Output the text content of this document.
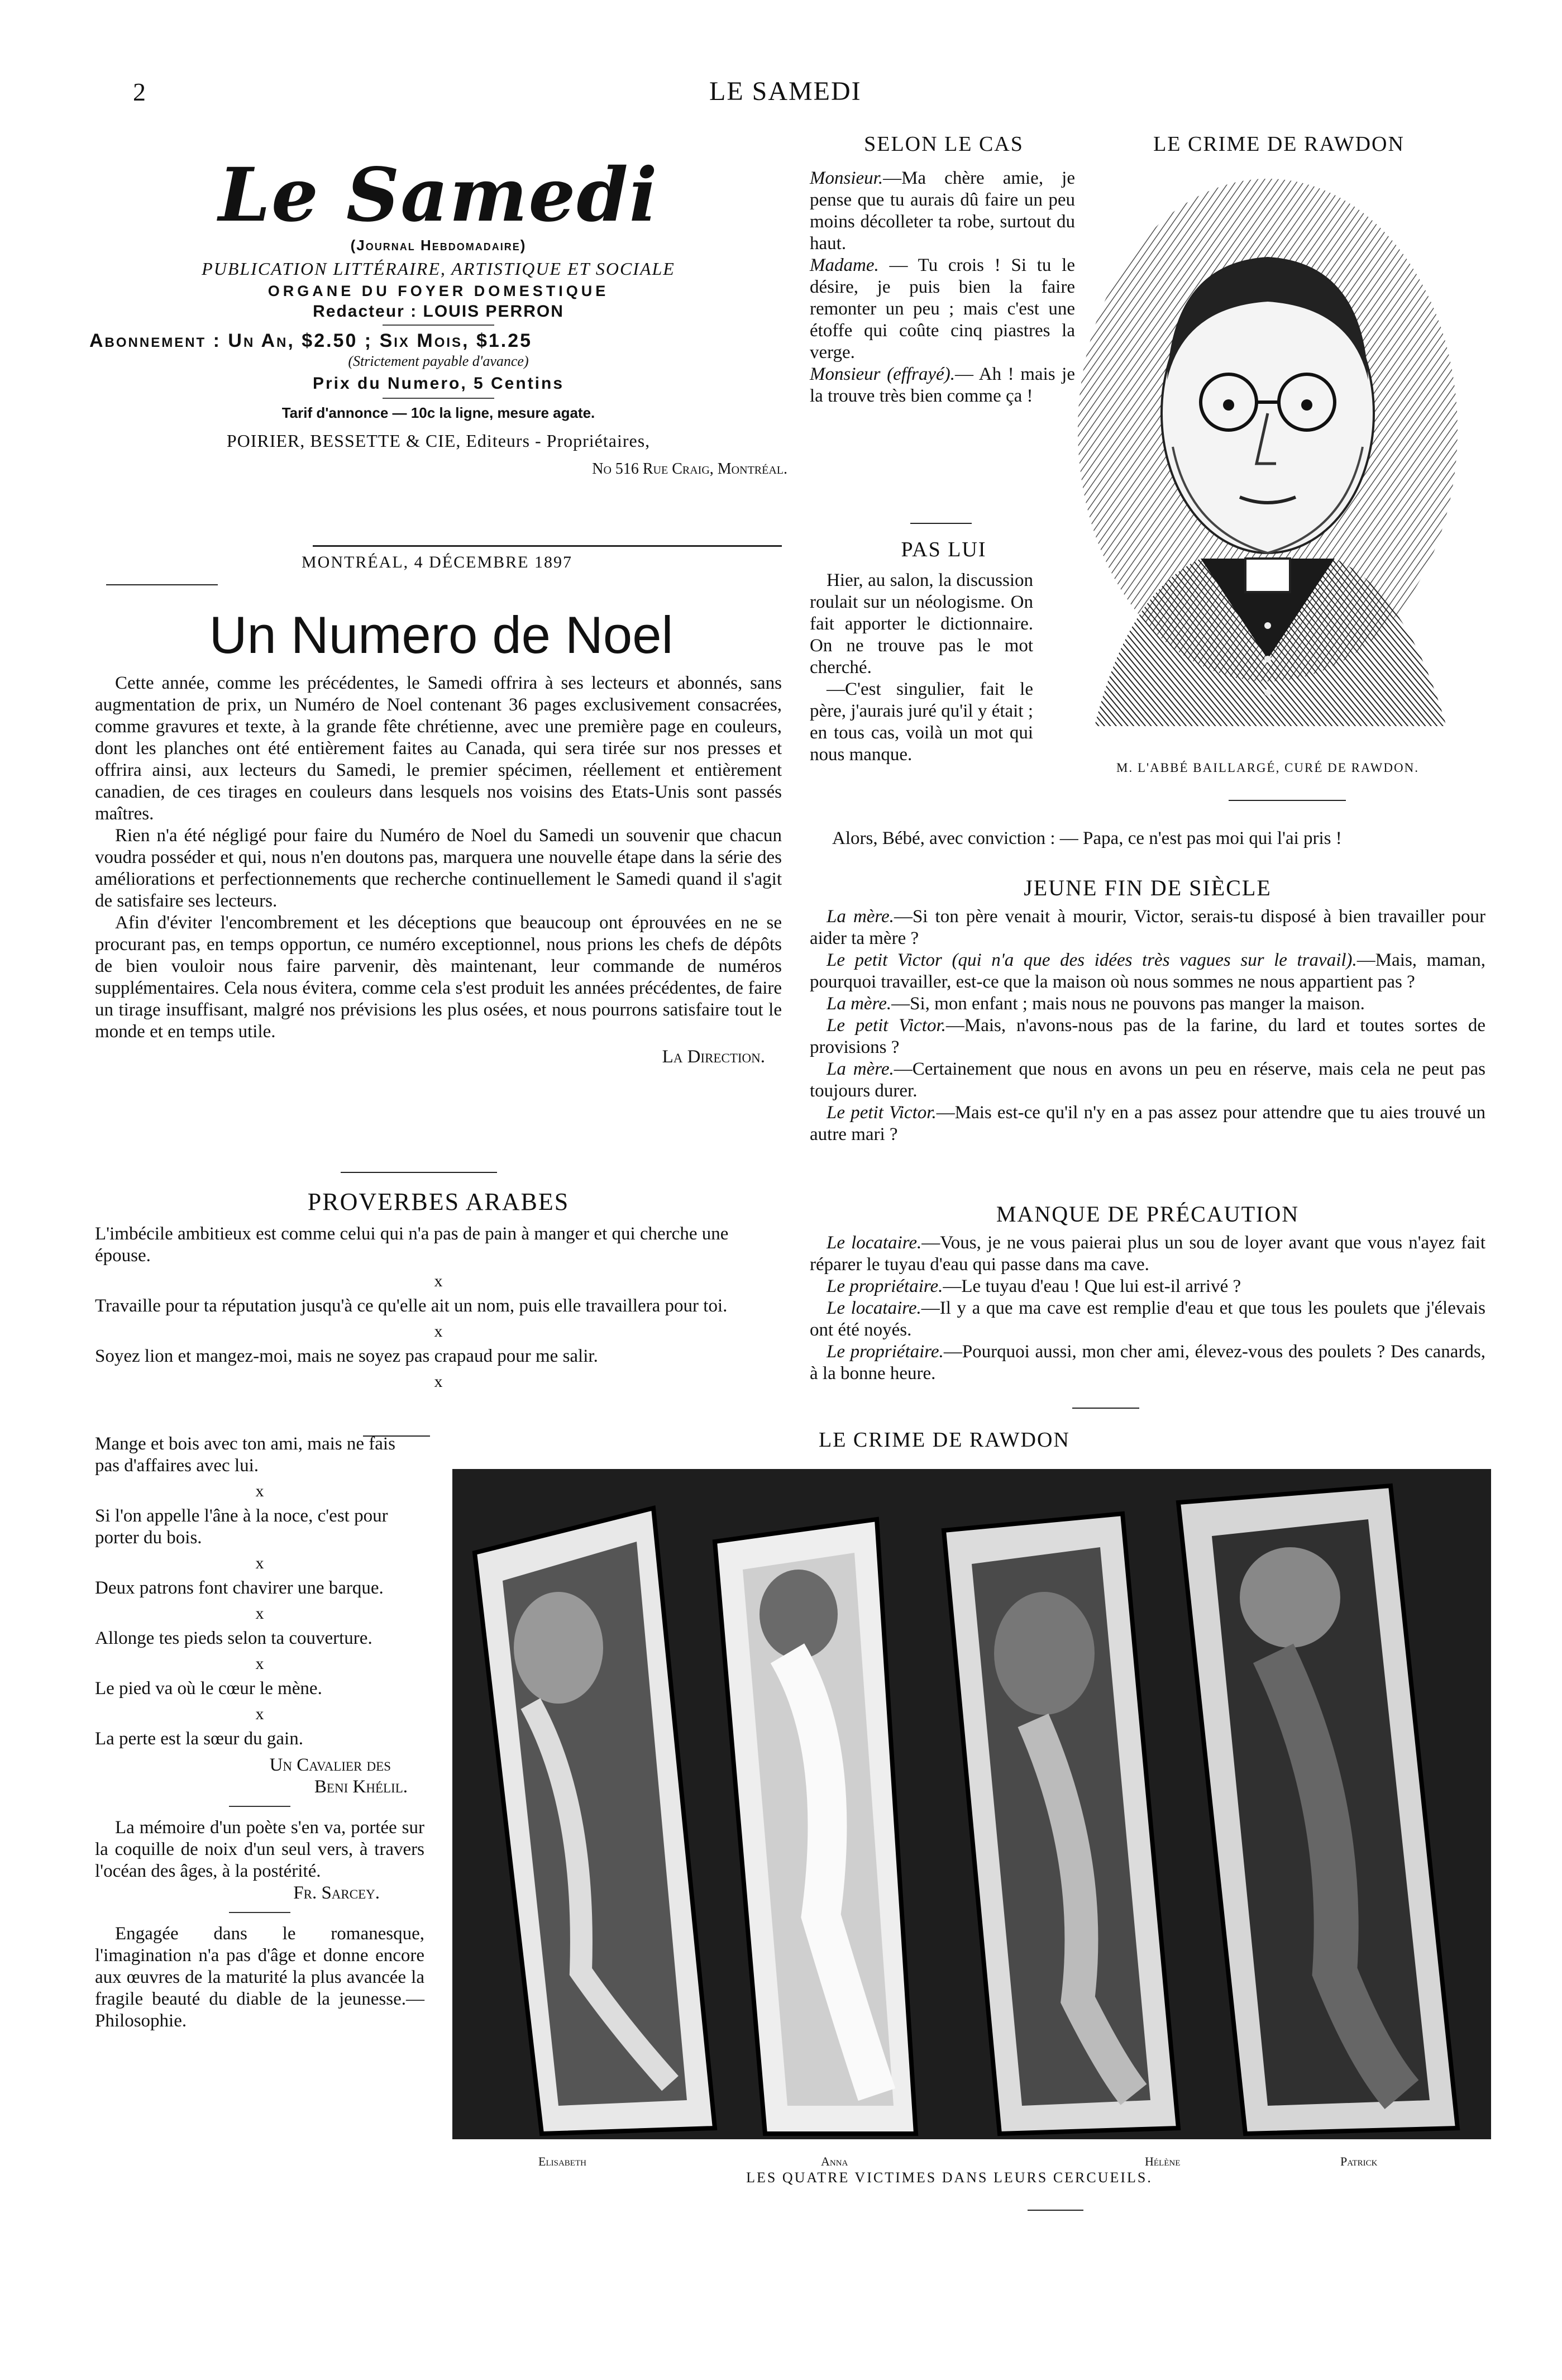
2	LE SAMEDI
Le Samedi
(Journal Hebdomadaire)
PUBLICATION LITTÉRAIRE, ARTISTIQUE ET SOCIALE
ORGANE DU FOYER DOMESTIQUE
Redacteur : LOUIS PERRON
Abonnement : Un An, $2.50 ; Six Mois, $1.25
(Strictement payable d'avance)
Prix du Numero, 5 Centins
Tarif d'annonce — 10c la ligne, mesure agate.
POIRIER, BESSETTE & CIE, Editeurs - Propriétaires,
No 516 Rue Craig, Montréal.
MONTRÉAL, 4 DÉCEMBRE 1897
Un Numero de Noel

Cette année, comme les précédentes, le Samedi offrira à ses lecteurs et abonnés, sans augmentation de prix, un Numéro de Noel contenant 36 pages exclusivement consacrées, comme gravures et texte, à la grande fête chrétienne, avec une première page en couleurs, dont les planches ont été entièrement faites au Canada, qui sera tirée sur nos presses et offrira ainsi, aux lecteurs du Samedi, le premier spécimen, réellement et entièrement canadien, de ces tirages en couleurs dans lesquels nos voisins des Etats-Unis sont passés maîtres.

Rien n'a été négligé pour faire du Numéro de Noel du Samedi un souvenir que chacun voudra posséder et qui, nous n'en doutons pas, marquera une nouvelle étape dans la série des améliorations et perfectionnements que recherche continuellement le Samedi quand il s'agit de satisfaire ses lecteurs.

Afin d'éviter l'encombrement et les déceptions que beaucoup ont éprouvées en ne se procurant pas, en temps opportun, ce numéro exceptionnel, nous prions les chefs de dépôts de bien vouloir nous faire parvenir, dès maintenant, leur commande de numéros supplémentaires. Cela nous évitera, comme cela s'est produit les années précédentes, de faire un tirage insuffisant, malgré nos prévisions les plus osées, et nous pourrons satisfaire tout le monde et en temps utile.

La Direction.

PROVERBES ARABES

L'imbécile ambitieux est comme celui qui n'a pas de pain à manger et qui cherche une épouse.

x

Travaille pour ta réputation jusqu'à ce qu'elle ait un nom, puis elle travaillera pour toi.

x

Soyez lion et mangez-moi, mais ne soyez pas crapaud pour me salir.

x

Mange et bois avec ton ami, mais ne fais pas d'affaires avec lui.

x

Si l'on appelle l'âne à la noce, c'est pour porter du bois.

x

Deux patrons font chavirer une barque.

x

Allonge tes pieds selon ta couverture.

x

Le pied va où le cœur le mène.

x

La perte est la sœur du gain.

Un Cavalier des

Beni Khélil.

La mémoire d'un poète s'en va, portée sur la coquille de noix d'un seul vers, à travers l'océan des âges, à la postérité.

Fr. Sarcey.

Engagée dans le romanesque, l'imagination n'a pas d'âge et donne encore aux œuvres de la maturité la plus avancée la fragile beauté du diable de la jeunesse.—Philosophie.

SELON LE CAS

Monsieur.—Ma chère amie, je pense que tu aurais dû faire un peu moins décolleter ta robe, surtout du haut.

Madame. — Tu crois ! Si tu le désire, je puis bien la faire remonter un peu ; mais c'est une étoffe qui coûte cinq piastres la verge.

Monsieur (effrayé).— Ah ! mais je la trouve très bien comme ça !

PAS LUI

Hier, au salon, la discussion roulait sur un néologisme. On fait apporter le dictionnaire. On ne trouve pas le mot cherché.

—C'est singulier, fait le père, j'aurais juré qu'il y était ; en tous cas, voilà un mot qui nous manque.

Alors, Bébé, avec conviction : — Papa, ce n'est pas moi qui l'ai pris !
LE CRIME DE RAWDON
M. L'ABBÉ BAILLARGÉ, CURÉ DE RAWDON.
JEUNE FIN DE SIÈCLE

La mère.—Si ton père venait à mourir, Victor, serais-tu disposé à bien travailler pour aider ta mère ?

Le petit Victor (qui n'a que des idées très vagues sur le travail).—Mais, maman, pourquoi travailler, est-ce que la maison où nous sommes ne nous appartient pas ?

La mère.—Si, mon enfant ; mais nous ne pouvons pas manger la maison.

Le petit Victor.—Mais, n'avons-nous pas de la farine, du lard et toutes sortes de provisions ?

La mère.—Certainement que nous en avons un peu en réserve, mais cela ne peut pas toujours durer.

Le petit Victor.—Mais est-ce qu'il n'y en a pas assez pour attendre que tu aies trouvé un autre mari ?

MANQUE DE PRÉCAUTION

Le locataire.—Vous, je ne vous paierai plus un sou de loyer avant que vous n'ayez fait réparer le tuyau d'eau qui passe dans ma cave.

Le propriétaire.—Le tuyau d'eau ! Que lui est-il arrivé ?

Le locataire.—Il y a que ma cave est remplie d'eau et que tous les poulets que j'élevais ont été noyés.

Le propriétaire.—Pourquoi aussi, mon cher ami, élevez-vous des poulets ? Des canards, à la bonne heure.

LE CRIME DE RAWDON
Elisabeth	Anna	Hélène	Patrick
LES QUATRE VICTIMES DANS LEURS CERCUEILS.
